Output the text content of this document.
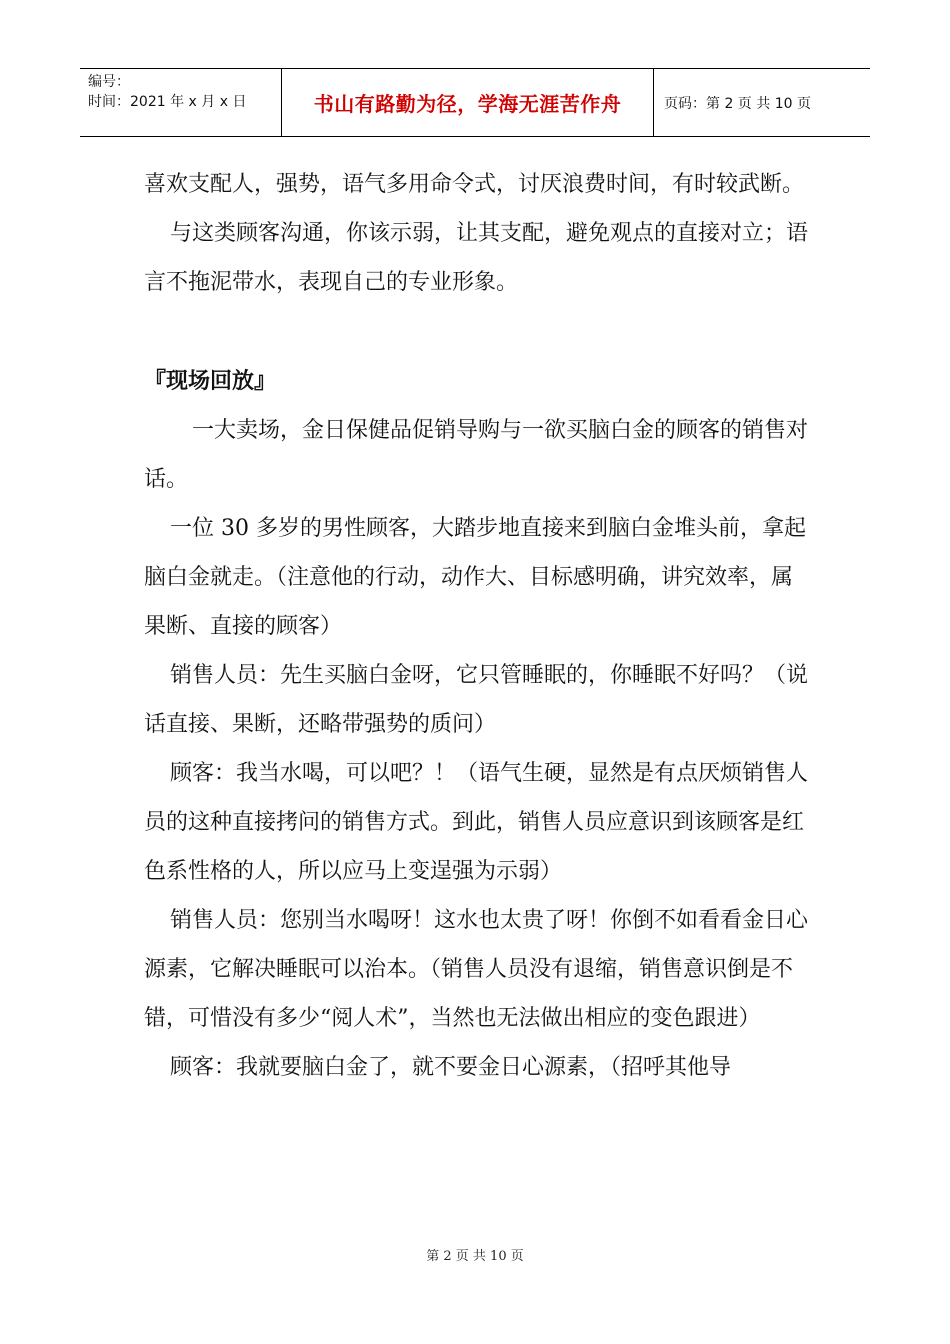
编号：
时间：2021 年 x 月 x 日	书山有路勤为径，学海无涯苦作舟	页码：第 2 页 共 10 页

喜欢支配人，强势，语气多用命令式，讨厌浪费时间，有时较武断。

与这类顾客沟通，你该示弱，让其支配，避免观点的直接对立；语言不拖泥带水，表现自己的专业形象。

『现场回放』

一大卖场，金日保健品促销导购与一欲买脑白金的顾客的销售对话。

一位 30 多岁的男性顾客，大踏步地直接来到脑白金堆头前，拿起脑白金就走。（注意他的行动，动作大、目标感明确，讲究效率，属果断、直接的顾客）

销售人员：先生买脑白金呀，它只管睡眠的，你睡眠不好吗？（说话直接、果断，还略带强势的质问）

顾客：我当水喝，可以吧？！（语气生硬，显然是有点厌烦销售人员的这种直接拷问的销售方式。到此，销售人员应意识到该顾客是红色系性格的人，所以应马上变逞强为示弱）

销售人员：您别当水喝呀！这水也太贵了呀！你倒不如看看金日心源素，它解决睡眠可以治本。（销售人员没有退缩，销售意识倒是不错，可惜没有多少“阅人术”，当然也无法做出相应的变色跟进）

顾客：我就要脑白金了，就不要金日心源素，（招呼其他导

第 2 页 共 10 页
